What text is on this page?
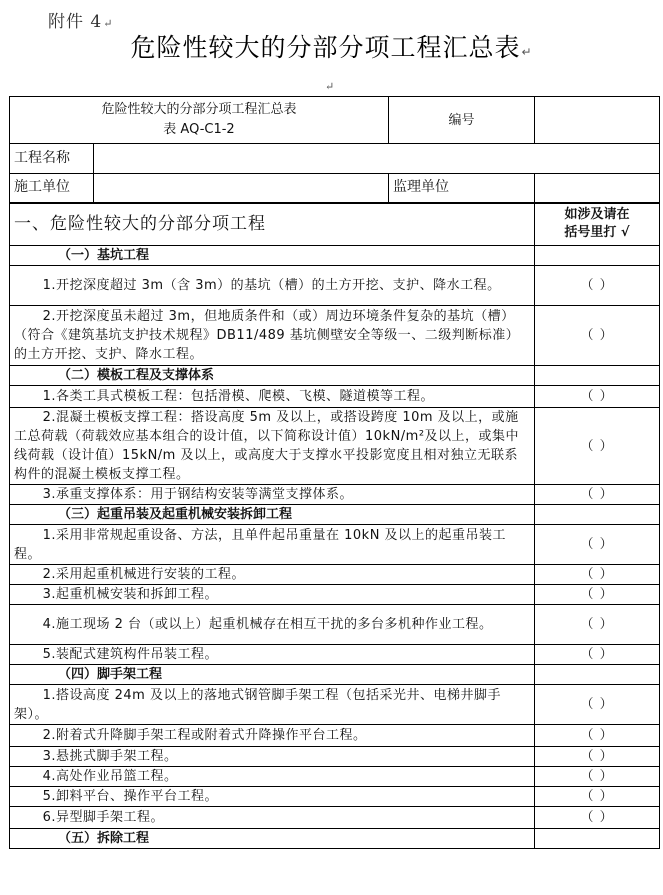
附件 4↵
危险性较大的分部分项工程汇总表↵
↵
危险性较大的分部分项工程汇总表
表 AQ-C1-2		编号	
工程名称			
施工单位		监理单位	
一、危险性较大的分部分项工程			如涉及请在
括号里打 √

（一）基坑工程			
1.开挖深度超过 3m（含 3m）的基坑（槽）的土方开挖、支护、降水工程。			（ ）
2.开挖深度虽未超过 3m，但地质条件和（或）周边环境条件复杂的基坑（槽）（符合《建筑基坑支护技术规程》DB11/489 基坑侧壁安全等级一、二级判断标准）的土方开挖、支护、降水工程。			（ ）
（二）模板工程及支撑体系			
1.各类工具式模板工程：包括滑模、爬模、飞模、隧道模等工程。			（ ）
2.混凝土模板支撑工程：搭设高度 5m 及以上，或搭设跨度 10m 及以上，或施工总荷载（荷载效应基本组合的设计值，以下简称设计值）10kN/m²及以上，或集中线荷载（设计值）15kN/m 及以上，或高度大于支撑水平投影宽度且相对独立无联系构件的混凝土模板支撑工程。			（ ）
3.承重支撑体系：用于钢结构安装等满堂支撑体系。			（ ）
（三）起重吊装及起重机械安装拆卸工程			
1.采用非常规起重设备、方法，且单件起吊重量在 10kN 及以上的起重吊装工程。			（ ）
2.采用起重机械进行安装的工程。			（ ）
3.起重机械安装和拆卸工程。			（ ）
4.施工现场 2 台（或以上）起重机械存在相互干扰的多台多机种作业工程。			（ ）
5.装配式建筑构件吊装工程。			（ ）
（四）脚手架工程			
1.搭设高度 24m 及以上的落地式钢管脚手架工程（包括采光井、电梯井脚手架）。			（ ）
2.附着式升降脚手架工程或附着式升降操作平台工程。			（ ）
3.悬挑式脚手架工程。			（ ）
4.高处作业吊篮工程。			（ ）
5.卸料平台、操作平台工程。			（ ）
6.异型脚手架工程。			（ ）
（五）拆除工程			
